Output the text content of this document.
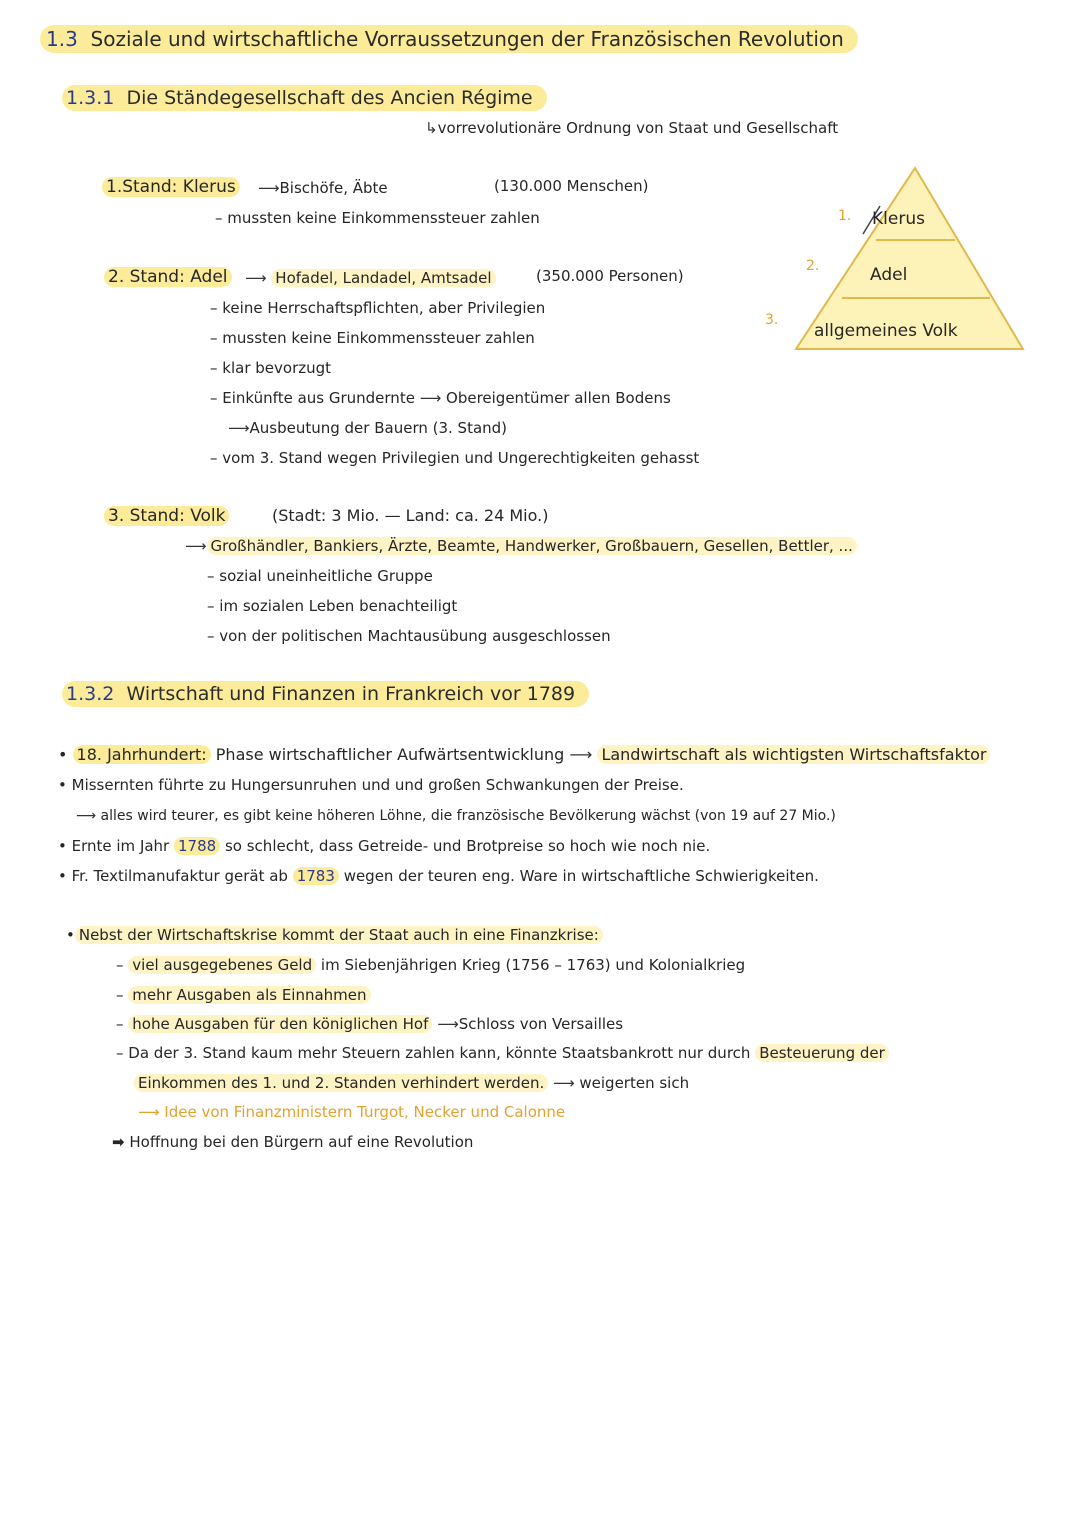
1.3 Soziale und wirtschaftliche Vorraussetzungen der Französischen Revolution
1.3.1 Die Ständegesellschaft des Ancien Régime
↳vorrevolutionäre Ordnung von Staat und Gesellschaft
1.Stand: Klerus ⟶Bischöfe, Äbte	(130.000 Menschen)
– mussten keine Einkommenssteuer zahlen
2. Stand: Adel ⟶ Hofadel, Landadel, Amtsadel	(350.000 Personen)
– keine Herrschaftspflichten, aber Privilegien
– mussten keine Einkommenssteuer zahlen
– klar bevorzugt
– Einkünfte aus Grundernte ⟶ Obereigentümer allen Bodens
⟶Ausbeutung der Bauern (3. Stand)
– vom 3. Stand wegen Privilegien und Ungerechtigkeiten gehasst
1. Klerus
2.	Adel
3.
allgemeines Volk
3. Stand: Volk	(Stadt: 3 Mio. — Land: ca. 24 Mio.)
⟶ Großhändler, Bankiers, Ärzte, Beamte, Handwerker, Großbauern, Gesellen, Bettler, ...
– sozial uneinheitliche Gruppe
– im sozialen Leben benachteiligt
– von der politischen Machtausübung ausgeschlossen
1.3.2 Wirtschaft und Finanzen in Frankreich vor 1789
• 18. Jahrhundert: Phase wirtschaftlicher Aufwärtsentwicklung ⟶ Landwirtschaft als wichtigsten Wirtschaftsfaktor
• Missernten führte zu Hungersunruhen und und großen Schwankungen der Preise.
⟶ alles wird teurer, es gibt keine höheren Löhne, die französische Bevölkerung wächst (von 19 auf 27 Mio.)
• Ernte im Jahr 1788 so schlecht, dass Getreide- und Brotpreise so hoch wie noch nie.
• Fr. Textilmanufaktur gerät ab 1783 wegen der teuren eng. Ware in wirtschaftliche Schwierigkeiten.
• Nebst der Wirtschaftskrise kommt der Staat auch in eine Finanzkrise:
– viel ausgegebenes Geld im Siebenjährigen Krieg (1756 – 1763) und Kolonialkrieg
– mehr Ausgaben als Einnahmen
– hohe Ausgaben für den königlichen Hof ⟶Schloss von Versailles
– Da der 3. Stand kaum mehr Steuern zahlen kann, könnte Staatsbankrott nur durch Besteuerung der
Einkommen des 1. und 2. Standen verhindert werden. ⟶ weigerten sich
⟶ Idee von Finanzministern Turgot, Necker und Calonne
➡ Hoffnung bei den Bürgern auf eine Revolution
